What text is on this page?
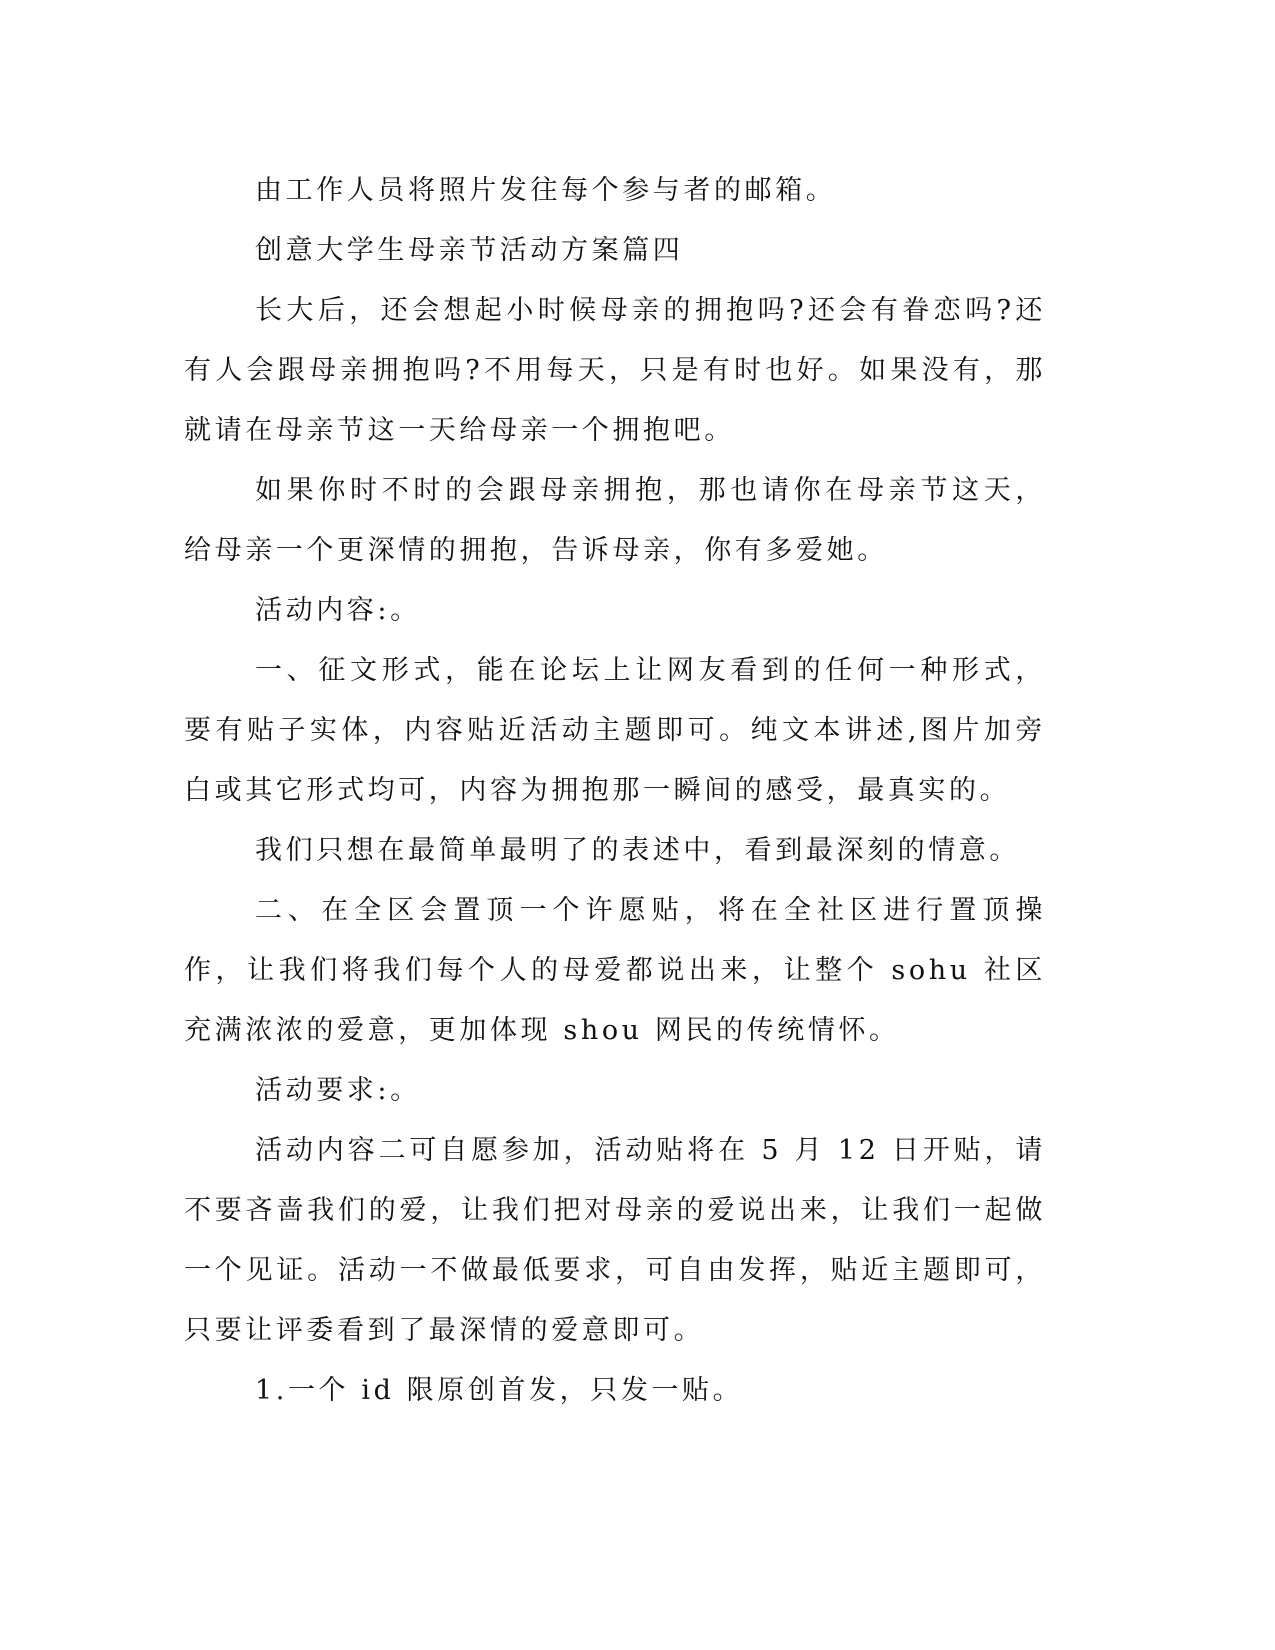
由工作人员将照片发往每个参与者的邮箱。

创意大学生母亲节活动方案篇四

长大后，还会想起小时候母亲的拥抱吗?还会有眷恋吗?还有人会跟母亲拥抱吗?不用每天，只是有时也好。如果没有，那就请在母亲节这一天给母亲一个拥抱吧。

如果你时不时的会跟母亲拥抱，那也请你在母亲节这天，给母亲一个更深情的拥抱，告诉母亲，你有多爱她。

活动内容:。

一、征文形式，能在论坛上让网友看到的任何一种形式，要有贴子实体，内容贴近活动主题即可。纯文本讲述,图片加旁白或其它形式均可，内容为拥抱那一瞬间的感受，最真实的。

我们只想在最简单最明了的表述中，看到最深刻的情意。

二、在全区会置顶一个许愿贴，将在全社区进行置顶操作，让我们将我们每个人的母爱都说出来，让整个 sohu 社区充满浓浓的爱意，更加体现 shou 网民的传统情怀。

活动要求:。

活动内容二可自愿参加，活动贴将在 5 月 12 日开贴，请不要吝啬我们的爱，让我们把对母亲的爱说出来，让我们一起做一个见证。活动一不做最低要求，可自由发挥，贴近主题即可，只要让评委看到了最深情的爱意即可。

1.一个 id 限原创首发，只发一贴。
